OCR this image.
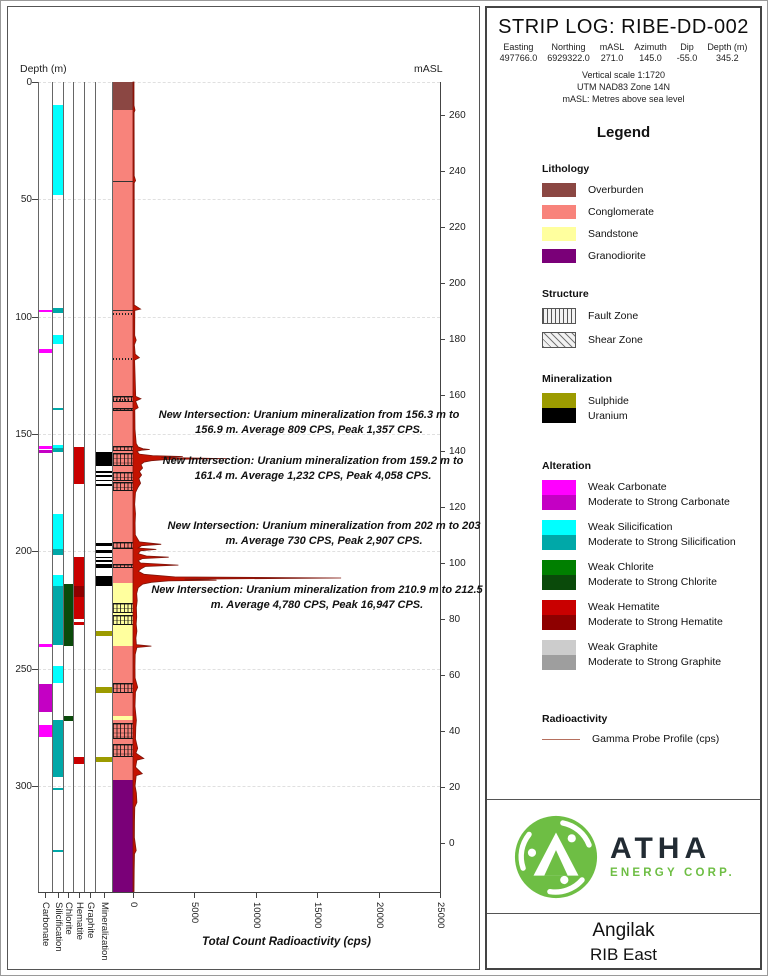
Depth (m)	mASL
Total Count Radioactivity (cps)
0
50
100
150
200
250
300
260
240
220
200
180
160
140
120
100
80
60
40
20
0
0	5000	10000	15000	20000	25000
Carbonate Silicification Chlorite Hematite Graphite Mineralization
New Intersection: Uranium mineralization from 156.3 m to 156.9 m. Average 809 CPS, Peak 1,357 CPS.
New Intersection: Uranium mineralization from 159.2 m to 161.4 m. Average 1,232 CPS, Peak 4,058 CPS.
New Intersection: Uranium mineralization from 202 m to 203 m. Average 730 CPS, Peak 2,907 CPS.
New Intersection: Uranium mineralization from 210.9 m to 212.5 m. Average 4,780 CPS, Peak 16,947 CPS.
STRIP LOG: RIBE-DD-002
Easting
497766.0
Northing
6929322.0
mASL
271.0
Azimuth
145.0
Dip
-55.0
Depth (m)
345.2
Vertical scale 1:1720
UTM NAD83 Zone 14N
mASL: Metres above sea level
Legend
Lithology
Overburden
Conglomerate
Sandstone
Granodiorite
Structure
Fault Zone
Shear Zone
Mineralization
Sulphide
Uranium
Alteration
Weak Carbonate
Moderate to Strong Carbonate
Weak Silicification
Moderate to Strong Silicification
Weak Chlorite
Moderate to Strong Chlorite
Weak Hematite
Moderate to Strong Hematite
Weak Graphite
Moderate to Strong Graphite
Radioactivity
Gamma Probe Profile (cps)
ATHA
ENERGY CORP.
Angilak
RIB East
